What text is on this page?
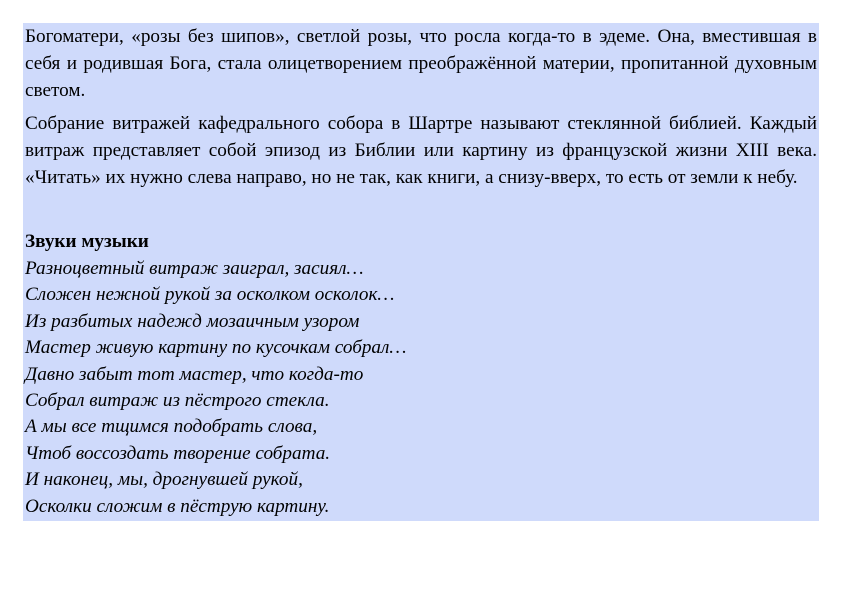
Богоматери, «розы без шипов», светлой розы, что росла когда-то в эдеме. Она, вместившая в себя и родившая Бога, стала олицетворением преображённой материи, пропитанной духовным светом.

Собрание витражей кафедрального собора в Шартре называют стеклянной библией. Каждый витраж представляет собой эпизод из Библии или картину из французской жизни XIII века. «Читать» их нужно слева направо, но не так, как книги, а снизу-вверх, то есть от земли к небу.

Звуки музыки
Разноцветный витраж заиграл, засиял…
Сложен нежной рукой за осколком осколок…
Из разбитых надежд мозаичным узором
Мастер живую картину по кусочкам собрал…
Давно забыт тот мастер, что когда-то
Собрал витраж из пёстрого стекла.
А мы все тщимся подобрать слова,
Чтоб воссоздать творение собрата.
И наконец, мы, дрогнувшей рукой,
Осколки сложим в пёструю картину.
